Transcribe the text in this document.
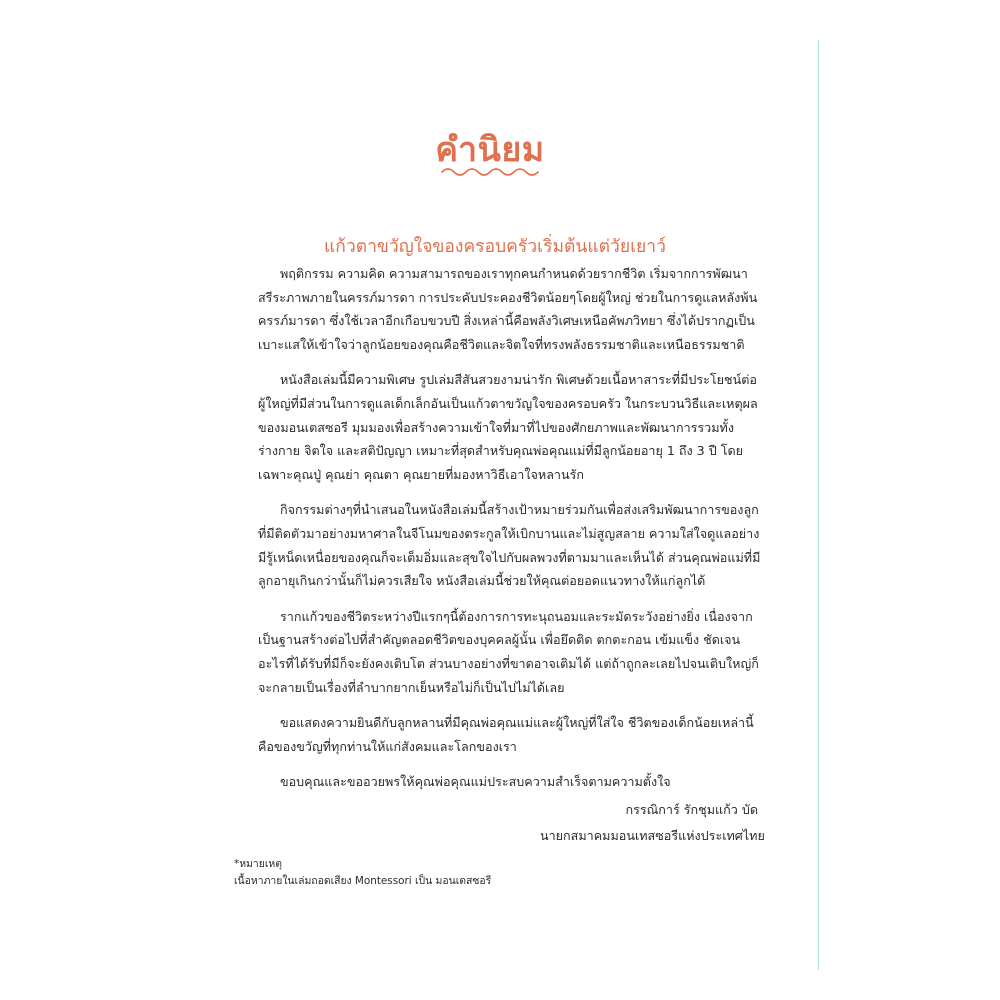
คำนิยม
แก้วตาขวัญใจของครอบครัวเริ่มต้นแต่วัยเยาว์

พฤติกรรม ความคิด ความสามารถของเราทุกคนกำหนดด้วยรากชีวิต เริ่มจากการพัฒนาสรีระภาพภายในครรภ์มารดา การประคับประคองชีวิตน้อยๆโดยผู้ใหญ่ ช่วยในการดูแลหลังพ้นครรภ์มารดา ซึ่งใช้เวลาอีกเกือบขวบปี สิ่งเหล่านี้คือพลังวิเศษเหนือคัพภวิทยา ซึ่งได้ปรากฏเป็นเบาะแสให้เข้าใจว่าลูกน้อยของคุณคือชีวิตและจิตใจที่ทรงพลังธรรมชาติและเหนือธรรมชาติ

หนังสือเล่มนี้มีความพิเศษ รูปเล่มสีสันสวยงามน่ารัก พิเศษด้วยเนื้อหาสาระที่มีประโยชน์ต่อผู้ใหญ่ที่มีส่วนในการดูแลเด็กเล็กอันเป็นแก้วตาขวัญใจของครอบครัว ในกระบวนวิธีและเหตุผลของมอนเตสซอรี มุมมองเพื่อสร้างความเข้าใจที่มาที่ไปของศักยภาพและพัฒนาการรวมทั้งร่างกาย จิตใจ และสติปัญญา เหมาะที่สุดสำหรับคุณพ่อคุณแม่ที่มีลูกน้อยอายุ 1 ถึง 3 ปี โดยเฉพาะคุณปู่ คุณย่า คุณตา คุณยายที่มองหาวิธีเอาใจหลานรัก

กิจกรรมต่างๆที่นำเสนอในหนังสือเล่มนี้สร้างเป้าหมายร่วมกันเพื่อส่งเสริมพัฒนาการของลูกที่มีติดตัวมาอย่างมหาศาลในจีโนมของตระกูลให้เบิกบานและไม่สูญสลาย ความใส่ใจดูแลอย่างมีรู้เหน็ดเหนื่อยของคุณก็จะเต็มอิ่มและสุขใจไปกับผลพวงที่ตามมาและเห็นได้ ส่วนคุณพ่อแม่ที่มีลูกอายุเกินกว่านั้นก็ไม่ควรเสียใจ หนังสือเล่มนี้ช่วยให้คุณต่อยอดแนวทางให้แก่ลูกได้

รากแก้วของชีวิตระหว่างปีแรกๆนี้ต้องการการทะนุถนอมและระมัดระวังอย่างยิ่ง เนื่องจากเป็นฐานสร้างต่อไปที่สำคัญตลอดชีวิตของบุคคลผู้นั้น เพื่อยึดติด ตกตะกอน เข้มแข็ง ชัดเจน อะไรที่ได้รับที่มีก็จะยังคงเติบโต ส่วนบางอย่างที่ขาดอาจเติมได้ แต่ถ้าถูกละเลยไปจนเติบใหญ่ก็จะกลายเป็นเรื่องที่ลำบากยากเย็นหรือไม่ก็เป็นไปไม่ได้เลย

ขอแสดงความยินดีกับลูกหลานที่มีคุณพ่อคุณแม่และผู้ใหญ่ที่ใส่ใจ ชีวิตของเด็กน้อยเหล่านี้คือของขวัญที่ทุกท่านให้แก่สังคมและโลกของเรา

ขอบคุณและขออวยพรให้คุณพ่อคุณแม่ประสบความสำเร็จตามความตั้งใจ

กรรณิการ์ รักชุมแก้ว บัด
นายกสมาคมมอนเทสซอรีแห่งประเทศไทย
*หมายเหตุ
เนื้อหาภายในเล่มถอดเสียง Montessori เป็น มอนเตสซอรี
